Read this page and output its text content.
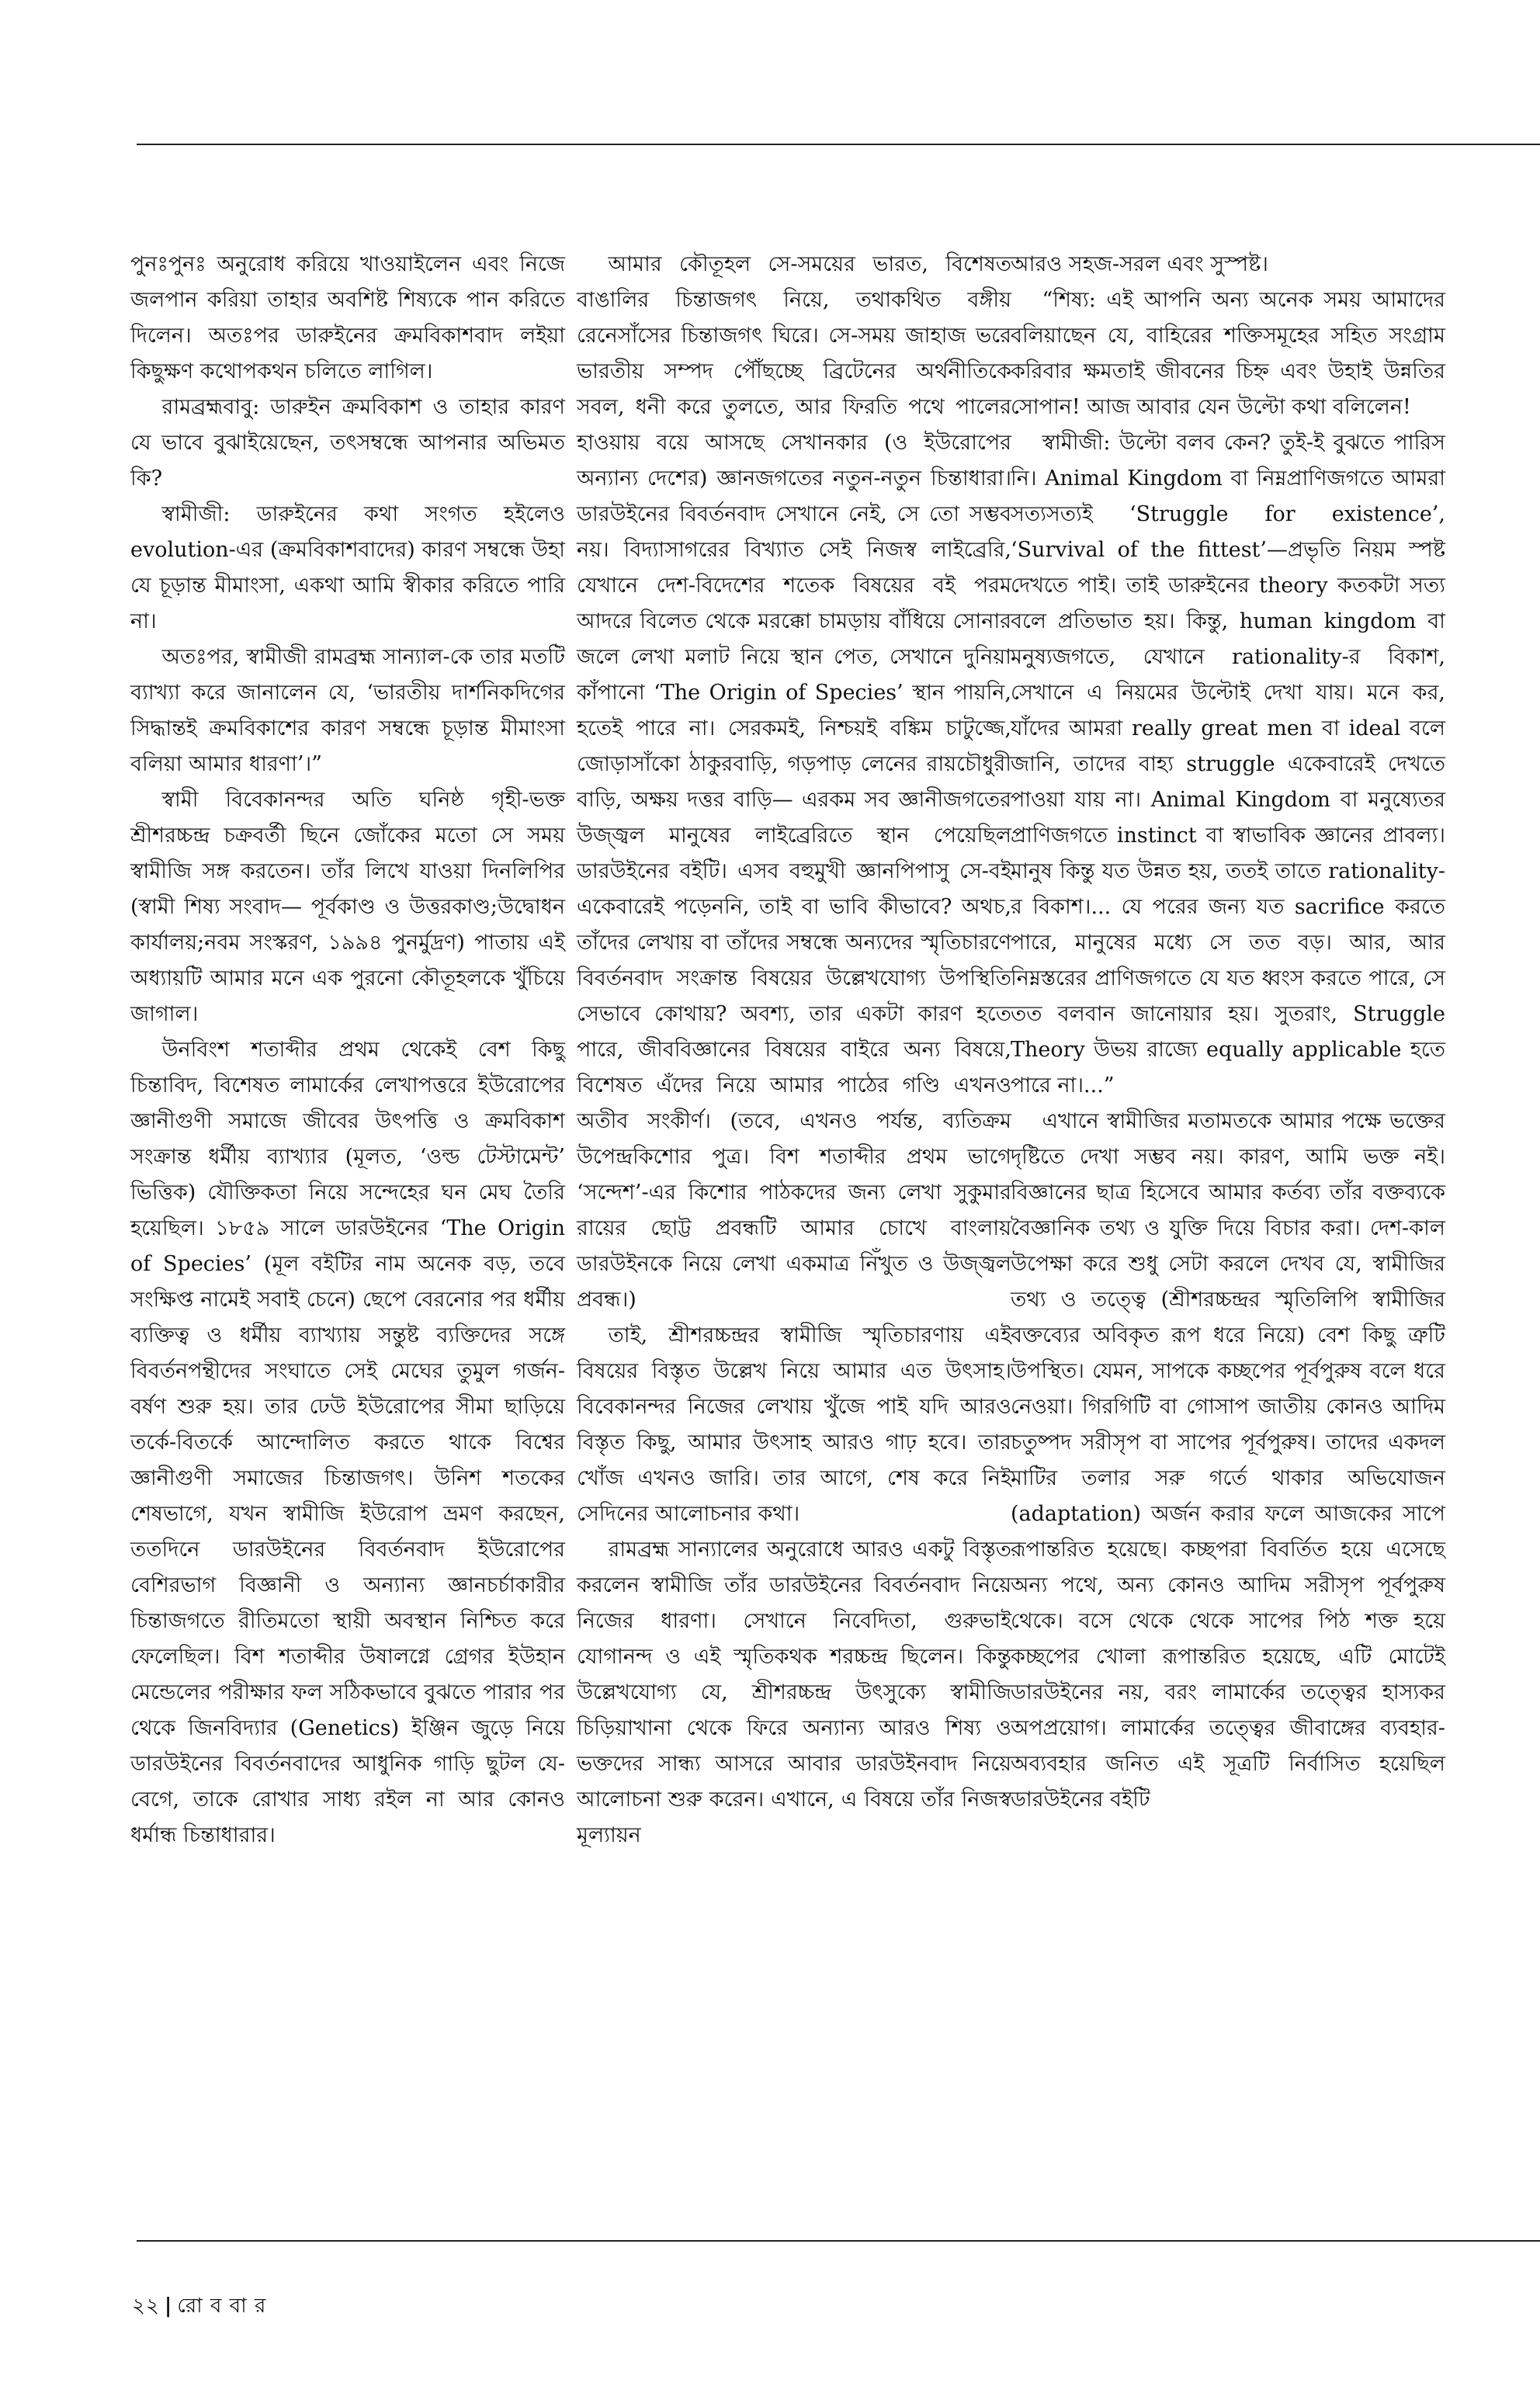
পুনঃপুনঃ অনুরোধ করিয়ে খাওয়াইলেন এবং নিজে জলপান করিয়া তাহার অবশিষ্ট শিষ্যকে পান করিতে দিলেন। অতঃপর ডারুইনের ক্রমবিকাশবাদ লইয়া কিছুক্ষণ কথোপকথন চলিতে লাগিল।

রামব্রহ্মবাবু: ডারুইন ক্রমবিকাশ ও তাহার কারণ যে ভাবে বুঝাইয়েছেন, তৎসম্বন্ধে আপনার অভিমত কি?

স্বামীজী: ডারুইনের কথা সংগত হইলেও evolution-এর (ক্রমবিকাশবাদের) কারণ সম্বন্ধে উহা যে চূড়ান্ত মীমাংসা, একথা আমি স্বীকার করিতে পারি না।

অতঃপর, স্বামীজী রামব্রহ্ম সান্যাল-কে তার মতটি ব্যাখ্যা করে জানালেন যে, ‘ভারতীয় দার্শনিকদিগের সিদ্ধান্তই ক্রমবিকাশের কারণ সম্বন্ধে চূড়ান্ত মীমাংসা বলিয়া আমার ধারণা’।”

স্বামী বিবেকানন্দর অতি ঘনিষ্ঠ গৃহী-ভক্ত শ্রীশরচ্চন্দ্র চক্রবর্তী ছিনে জোঁকের মতো সে সময় স্বামীজি সঙ্গ করতেন। তাঁর লিখে যাওয়া দিনলিপির (স্বামী শিষ্য সংবাদ— পূর্বকাণ্ড ও উত্তরকাণ্ড;উদ্বোধন কার্যালয়;নবম সংস্করণ, ১৯৯৪ পুনর্মুদ্রণ) পাতায় এই অধ্যায়টি আমার মনে এক পুরনো কৌতূহলকে খুঁচিয়ে জাগাল।

উনবিংশ শতাব্দীর প্রথম থেকেই বেশ কিছু চিন্তাবিদ, বিশেষত লামার্কের লেখাপত্তরে ইউরোপের জ্ঞানীগুণী সমাজে জীবের উৎপত্তি ও ক্রমবিকাশ সংক্রান্ত ধর্মীয় ব্যাখ্যার (মূলত, ‘ওল্ড টেস্টামেন্ট’ ভিত্তিক) যৌক্তিকতা নিয়ে সন্দেহের ঘন মেঘ তৈরি হয়েছিল। ১৮৫৯ সালে ডারউইনের ‘The Origin of Species’ (মূল বইটির নাম অনেক বড়, তবে সংক্ষিপ্ত নামেই সবাই চেনে) ছেপে বেরনোর পর ধর্মীয় ব্যক্তিত্ব ও ধর্মীয় ব্যাখ্যায় সন্তুষ্ট ব্যক্তিদের সঙ্গে বিবর্তনপন্থীদের সংঘাতে সেই মেঘের তুমুল গর্জন-বর্ষণ শুরু হয়। তার ঢেউ ইউরোপের সীমা ছাড়িয়ে তর্কে-বিতর্কে আন্দোলিত করতে থাকে বিশ্বের জ্ঞানীগুণী সমাজের চিন্তাজগৎ। উনিশ শতকের শেষভাগে, যখন স্বামীজি ইউরোপ ভ্রমণ করছেন, ততদিনে ডারউইনের বিবর্তনবাদ ইউরোপের বেশিরভাগ বিজ্ঞানী ও অন্যান্য জ্ঞানচর্চাকারীর চিন্তাজগতে রীতিমতো স্থায়ী অবস্থান নিশ্চিত করে ফেলেছিল। বিশ শতাব্দীর উষালগ্নে গ্রেগর ইউহান মেন্ডেলের পরীক্ষার ফল সঠিকভাবে বুঝতে পারার পর থেকে জিনবিদ্যার (Genetics) ইঞ্জিন জুড়ে নিয়ে ডারউইনের বিবর্তনবাদের আধুনিক গাড়ি ছুটল যে-বেগে, তাকে রোখার সাধ্য রইল না আর কোনও ধর্মান্ধ চিন্তাধারার।

আমার কৌতূহল সে-সময়ের ভারত, বিশেষত বাঙালির চিন্তাজগৎ নিয়ে, তথাকথিত বঙ্গীয় রেনেসাঁসের চিন্তাজগৎ ঘিরে। সে-সময় জাহাজ ভরে ভারতীয় সম্পদ পৌঁছচ্ছে ব্রিটেনের অর্থনীতিকে সবল, ধনী করে তুলতে, আর ফিরতি পথে পালের হাওয়ায় বয়ে আসছে সেখানকার (ও ইউরোপের অন্যান্য দেশের) জ্ঞানজগতের নতুন-নতুন চিন্তাধারা। ডারউইনের বিবর্তনবাদ সেখানে নেই, সে তো সম্ভব নয়। বিদ্যাসাগরের বিখ্যাত সেই নিজস্ব লাইব্রেরি, যেখানে দেশ-বিদেশের শতেক বিষয়ের বই পরম আদরে বিলেত থেকে মরক্কো চামড়ায় বাঁধিয়ে সোনার জলে লেখা মলাট নিয়ে স্থান পেত, সেখানে দুনিয়া কাঁপানো ‘The Origin of Species’ স্থান পায়নি, হতেই পারে না। সেরকমই, নিশ্চয়ই বঙ্কিম চাটুজ্জে, জোড়াসাঁকো ঠাকুরবাড়ি, গড়পাড় লেনের রায়চৌধুরী বাড়ি, অক্ষয় দত্তর বাড়ি— এরকম সব জ্ঞানীজগতের উজ্জ্বল মানুষের লাইব্রেরিতে স্থান পেয়েছিল ডারউইনের বইটি। এসব বহুমুখী জ্ঞানপিপাসু সে-বই একেবারেই পড়েননি, তাই বা ভাবি কীভাবে? অথচ, তাঁদের লেখায় বা তাঁদের সম্বন্ধে অন্যদের স্মৃতিচারণে বিবর্তনবাদ সংক্রান্ত বিষয়ের উল্লেখযোগ্য উপস্থিতি সেভাবে কোথায়? অবশ্য, তার একটা কারণ হতে পারে, জীববিজ্ঞানের বিষয়ের বাইরে অন্য বিষয়ে, বিশেষত এঁদের নিয়ে আমার পাঠের গণ্ডি এখনও অতীব সংকীর্ণ। (তবে, এখনও পর্যন্ত, ব্যতিক্রম উপেন্দ্রকিশোর পুত্র। বিশ শতাব্দীর প্রথম ভাগে ‘সন্দেশ’-এর কিশোর পাঠকদের জন্য লেখা সুকুমার রায়ের ছোট্ট প্রবন্ধটি আমার চোখে বাংলায় ডারউইনকে নিয়ে লেখা একমাত্র নিঁখুত ও উজ্জ্বল প্রবন্ধ।)

তাই, শ্রীশরচ্চন্দ্রর স্বামীজি স্মৃতিচারণায় এই বিষয়ের বিস্তৃত উল্লেখ নিয়ে আমার এত উৎসাহ। বিবেকানন্দর নিজের লেখায় খুঁজে পাই যদি আরও বিস্তৃত কিছু, আমার উৎসাহ আরও গাঢ় হবে। তার খোঁজ এখনও জারি। তার আগে, শেষ করে নিই সেদিনের আলোচনার কথা।

রামব্রহ্ম সান্যালের অনুরোধে আরও একটু বিস্তৃত করলেন স্বামীজি তাঁর ডারউইনের বিবর্তনবাদ নিয়ে নিজের ধারণা। সেখানে নিবেদিতা, গুরুভাই যোগানন্দ ও এই স্মৃতিকথক শরচ্চন্দ্র ছিলেন। কিন্তু উল্লেখযোগ্য যে, শ্রীশরচ্চন্দ্র উৎসুক্যে স্বামীজি চিড়িয়াখানা থেকে ফিরে অন্যান্য আরও শিষ্য ও ভক্তদের সান্ধ্য আসরে আবার ডারউইনবাদ নিয়ে আলোচনা শুরু করেন। এখানে, এ বিষয়ে তাঁর নিজস্ব মূল্যায়ন

আরও সহজ-সরল এবং সুস্পষ্ট।

“শিষ্য: এই আপনি অন্য অনেক সময় আমাদের বলিয়াছেন যে, বাহিরের শক্তিসমূহের সহিত সংগ্রাম করিবার ক্ষমতাই জীবনের চিহ্ন এবং উহাই উন্নতির সোপান! আজ আবার যেন উল্টো কথা বলিলেন!

স্বামীজী: উল্টো বলব কেন? তুই-ই বুঝতে পারিস নি। Animal Kingdom বা নিম্নপ্রাণিজগতে আমরা সত্যসত্যই ‘Struggle for existence’, ‘Survival of the fittest’—প্রভৃতি নিয়ম স্পষ্ট দেখতে পাই। তাই ডারুইনের theory কতকটা সত্য বলে প্রতিভাত হয়। কিন্তু, human kingdom বা মনুষ্যজগতে, যেখানে rationality-র বিকাশ, সেখানে এ নিয়মের উল্টোই দেখা যায়। মনে কর, যাঁদের আমরা really great men বা ideal বলে জানি, তাদের বাহ্য struggle একেবারেই দেখতে পাওয়া যায় না। Animal Kingdom বা মনুষ্যেতর প্রাণিজগতে instinct বা স্বাভাবিক জ্ঞানের প্রাবল্য। মানুষ কিন্তু যত উন্নত হয়, ততই তাতে rationality-র বিকাশ।... যে পরের জন্য যত sacrifice করতে পারে, মানুষের মধ্যে সে তত বড়। আর, আর নিম্নস্তরের প্রাণিজগতে যে যত ধ্বংস করতে পারে, সে তত বলবান জানোয়ার হয়। সুতরাং, Struggle Theory উভয় রাজ্যে equally applicable হতে পারে না।...”

এখানে স্বামীজির মতামতকে আমার পক্ষে ভক্তের দৃষ্টিতে দেখা সম্ভব নয়। কারণ, আমি ভক্ত নই। বিজ্ঞানের ছাত্র হিসেবে আমার কর্তব্য তাঁর বক্তব্যকে বৈজ্ঞানিক তথ্য ও যুক্তি দিয়ে বিচার করা। দেশ-কাল উপেক্ষা করে শুধু সেটা করলে দেখব যে, স্বামীজির তথ্য ও তত্ত্বে (শ্রীশরচ্চন্দ্রর স্মৃতিলিপি স্বামীজির বক্তব্যের অবিকৃত রূপ ধরে নিয়ে) বেশ কিছু ত্রুটি উপস্থিত। যেমন, সাপকে কচ্ছপের পূর্বপুরুষ বলে ধরে নেওয়া। গিরগিটি বা গোসাপ জাতীয় কোনও আদিম চতুষ্পদ সরীসৃপ বা সাপের পূর্বপুরুষ। তাদের একদল মাটির তলার সরু গর্তে থাকার অভিযোজন (adaptation) অর্জন করার ফলে আজকের সাপে রূপান্তরিত হয়েছে। কচ্ছপরা বিবর্তিত হয়ে এসেছে অন্য পথে, অন্য কোনও আদিম সরীসৃপ পূর্বপুরুষ থেকে। বসে থেকে থেকে সাপের পিঠ শক্ত হয়ে কচ্ছপের খোলা রূপান্তরিত হয়েছে, এটি মোটেই ডারউইনের নয়, বরং লামার্কের তত্ত্বের হাস্যকর অপপ্রয়োগ। লামার্কের তত্ত্বের জীবাঙ্গের ব্যবহার-অব্যবহার জনিত এই সূত্রটি নির্বাসিত হয়েছিল ডারউইনের বইটি

২২ | রো ব বা র
